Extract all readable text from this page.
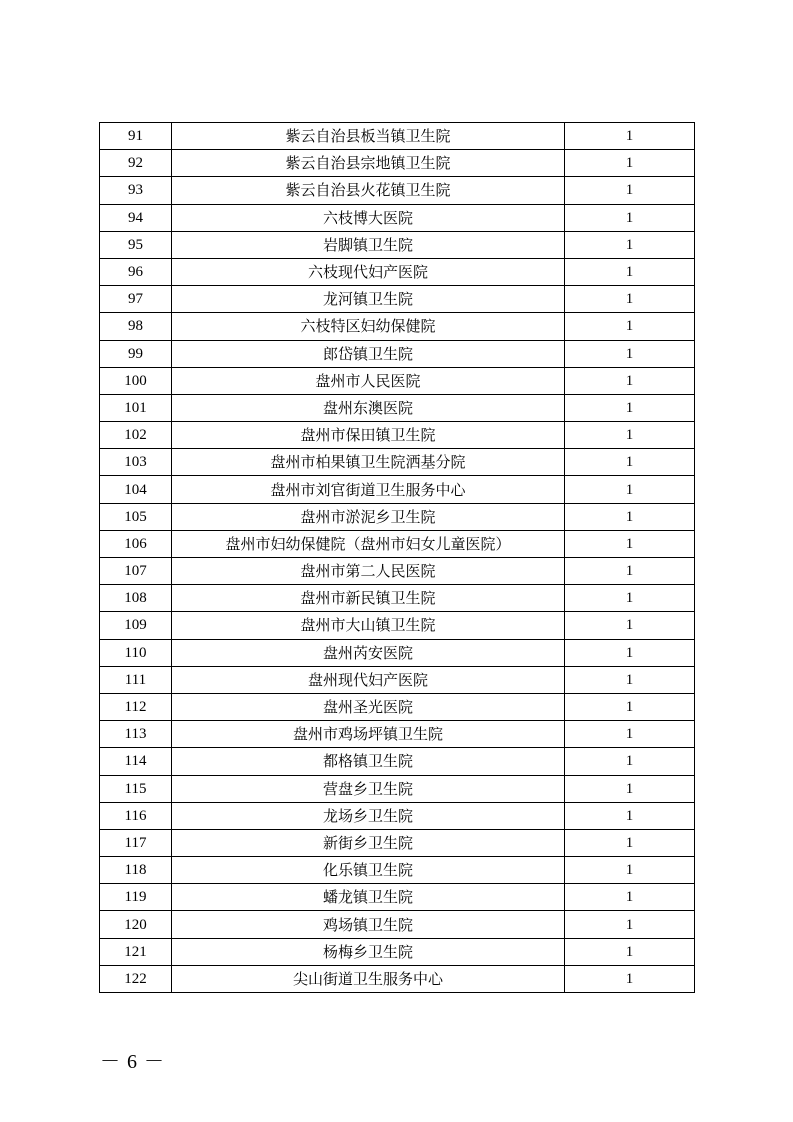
91	紫云自治县板当镇卫生院	1
92	紫云自治县宗地镇卫生院	1
93	紫云自治县火花镇卫生院	1
94	六枝博大医院	1
95	岩脚镇卫生院	1
96	六枝现代妇产医院	1
97	龙河镇卫生院	1
98	六枝特区妇幼保健院	1
99	郎岱镇卫生院	1
100	盘州市人民医院	1
101	盘州东澳医院	1
102	盘州市保田镇卫生院	1
103	盘州市柏果镇卫生院洒基分院	1
104	盘州市刘官街道卫生服务中心	1
105	盘州市淤泥乡卫生院	1
106	盘州市妇幼保健院（盘州市妇女儿童医院）	1
107	盘州市第二人民医院	1
108	盘州市新民镇卫生院	1
109	盘州市大山镇卫生院	1
110	盘州芮安医院	1
111	盘州现代妇产医院	1
112	盘州圣光医院	1
113	盘州市鸡场坪镇卫生院	1
114	都格镇卫生院	1
115	营盘乡卫生院	1
116	龙场乡卫生院	1
117	新街乡卫生院	1
118	化乐镇卫生院	1
119	蟠龙镇卫生院	1
120	鸡场镇卫生院	1
121	杨梅乡卫生院	1
122	尖山街道卫生服务中心	1
－ 6 －
